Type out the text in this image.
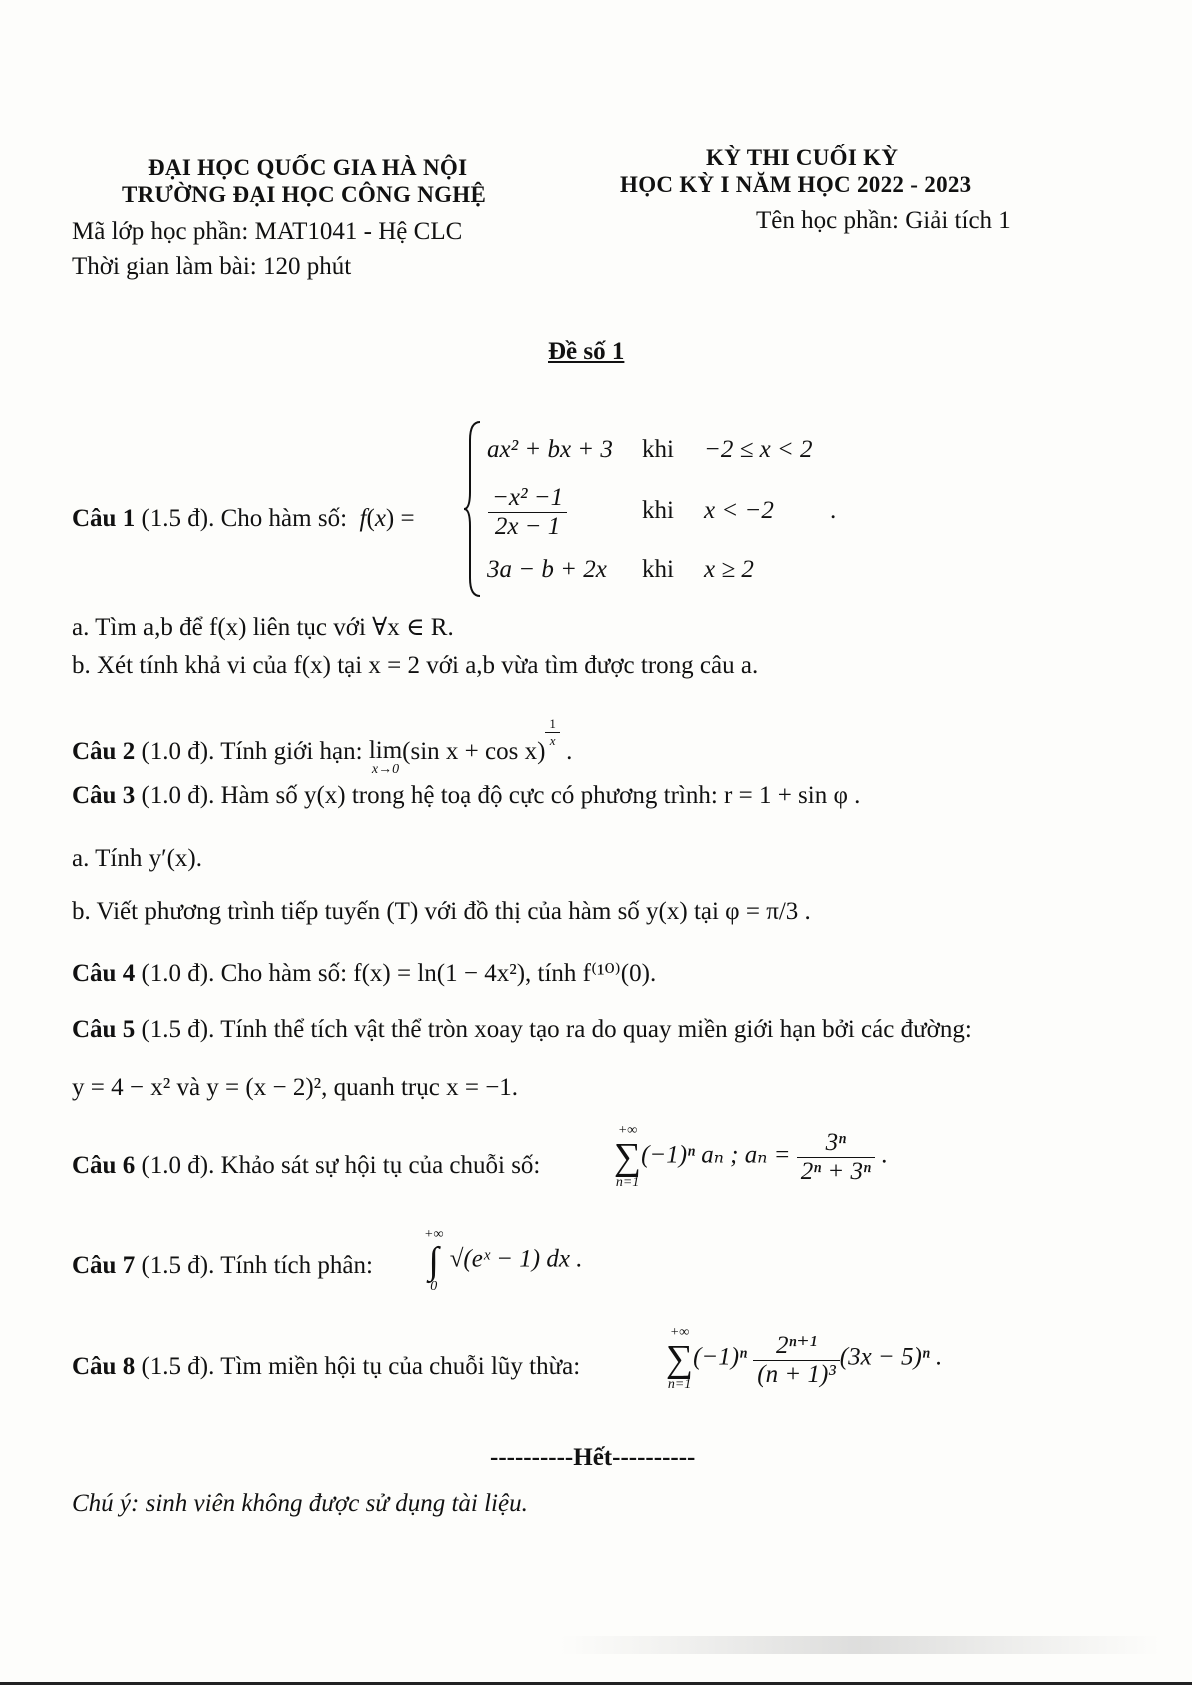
ĐẠI HỌC QUỐC GIA HÀ NỘI
TRƯỜNG ĐẠI HỌC CÔNG NGHỆ
KỲ THI CUỐI KỲ
HỌC KỲ I NĂM HỌC 2022 - 2023
Mã lớp học phần: MAT1041 - Hệ CLC	Tên học phần: Giải tích 1
Thời gian làm bài: 120 phút
Đề số 1
Câu 1 (1.5 đ). Cho hàm số:  f(x) =
ax² + bx + 3 khi −2 ≤ x < 2
$\frac{\text{−x² −1}}{2x - 1}$	khi x < −2 .
3a − b + 2x khi x ≥ 2
a. Tìm a,b để f(x) liên tục với ∀x ∈ R.
b. Xét tính khả vi của f(x) tại x = 2 với a,b vừa tìm được trong câu a.
Câu 2 (1.0 đ). Tính giới hạn: lim
x→0
(sin x + cos x)
$\frac{1}{x}$
.
Câu 3 (1.0 đ). Hàm số y(x) trong hệ toạ độ cực có phương trình: r = 1 + sin φ .
a. Tính y′(x).
b. Viết phương trình tiếp tuyến (T) với đồ thị của hàm số y(x) tại φ = π/3 .
Câu 4 (1.0 đ). Cho hàm số: f(x) = ln(1 − 4x²), tính f⁽¹⁰⁾(0).
Câu 5 (1.5 đ). Tính thể tích vật thể tròn xoay tạo ra do quay miền giới hạn bởi các đường:
y = 4 − x² và y = (x − 2)², quanh trục x = −1.
Câu 6 (1.0 đ). Khảo sát sự hội tụ của chuỗi số:
+∞
∑
n=1
(−1)ⁿ aₙ ; $a_n = \frac{\text{3ⁿ}}{\text{2ⁿ + 3ⁿ}}$ .
Câu 7 (1.5 đ). Tính tích phân:
+∞
∫
0
√(eˣ − 1) dx .
Câu 8 (1.5 đ). Tìm miền hội tụ của chuỗi lũy thừa:
+∞
∑
n=1
$(-1)^n \frac{\text{2ⁿ⁺¹}}{\text{(n + 1)³}} (3x - 5)^n$ .
----------Hết----------
Chú ý: sinh viên không được sử dụng tài liệu.
